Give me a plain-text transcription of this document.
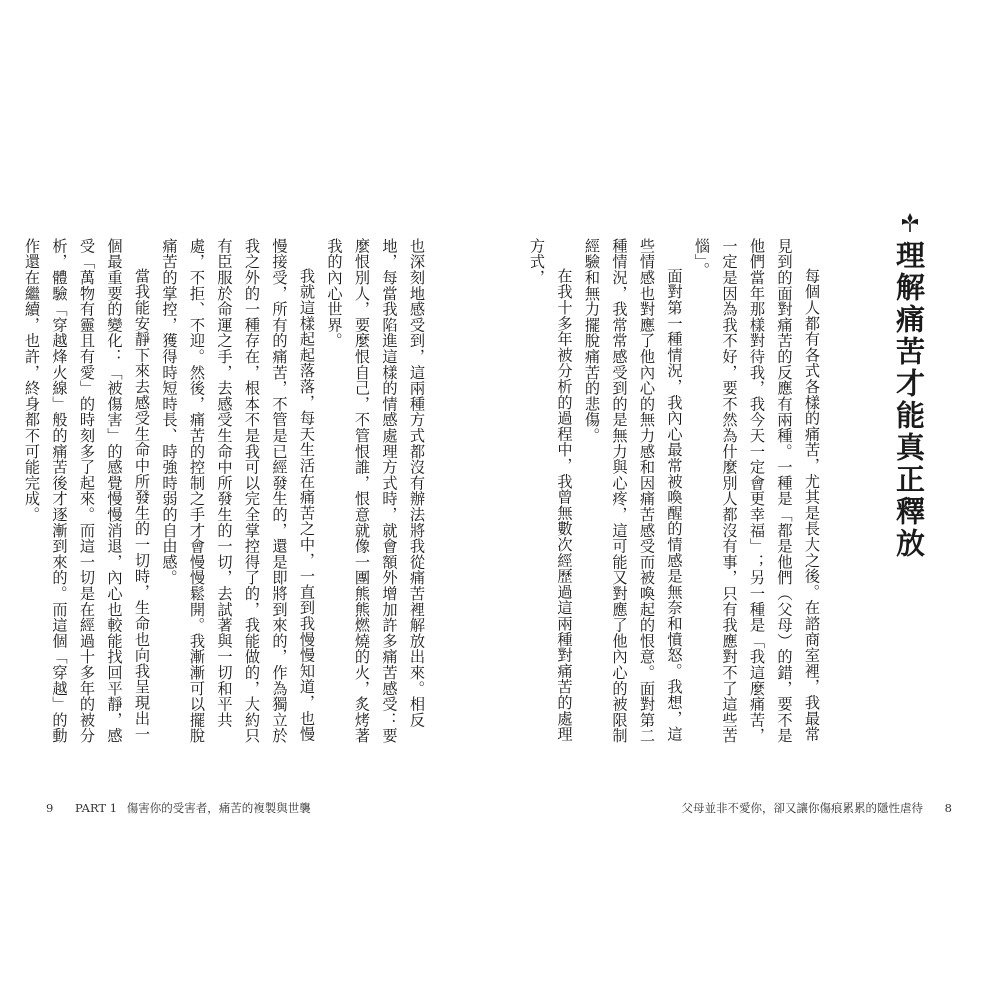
也深刻地感受到，這兩種方式都沒有辦法將我從痛苦裡解放出來。相反地，每當我陷進這樣的情感處理方式時，就會額外增加許多痛苦感受：要麼恨別人，要麼恨自己，不管恨誰，恨意就像一團熊熊燃燒的火，炙烤著我的內心世界。

我就這樣起起落落，每天生活在痛苦之中，一直到我慢慢知道，也慢慢接受，所有的痛苦，不管是已經發生的，還是即將到來的，作為獨立於我之外的一種存在，根本不是我可以完全掌控得了的，我能做的，大約只有臣服於命運之手，去感受生命中所發生的一切，去試著與一切和平共處，不拒、不迎。然後，痛苦的控制之手才會慢慢鬆開。我漸漸可以擺脫痛苦的掌控，獲得時短時長、時強時弱的自由感。

當我能安靜下來去感受生命中所發生的一切時，生命也向我呈現出一個最重要的變化：「被傷害」的感覺慢慢消退，內心也較能找回平靜，感受「萬物有靈且有愛」的時刻多了起來。而這一切是在經過十多年的被分析，體驗「穿越烽火線」般的痛苦後才逐漸到來的。而這個「穿越」的動作還在繼續，也許，終身都不可能完成。

9 PART 1 傷害你的受害者，痛苦的複製與世襲
理解痛苦才能真正釋放

每個人都有各式各樣的痛苦，尤其是長大之後。在諮商室裡，我最常見到的面對痛苦的反應有兩種。一種是「都是他們（父母）的錯，要不是他們當年那樣對待我，我今天一定會更幸福」；另一種是「我這麼痛苦，一定是因為我不好，要不然為什麼別人都沒有事，只有我應對不了這些苦惱」。

面對第一種情況，我內心最常被喚醒的情感是無奈和憤怒。我想，這些情感也對應了他內心的無力感和因痛苦感受而被喚起的恨意。面對第二種情況，我常常感受到的是無力與心疼，這可能又對應了他內心的被限制經驗和無力擺脫痛苦的悲傷。

在我十多年被分析的過程中，我曾無數次經歷過這兩種對痛苦的處理方式，

父母並非不愛你，卻又讓你傷痕累累的隱性虐待 8
